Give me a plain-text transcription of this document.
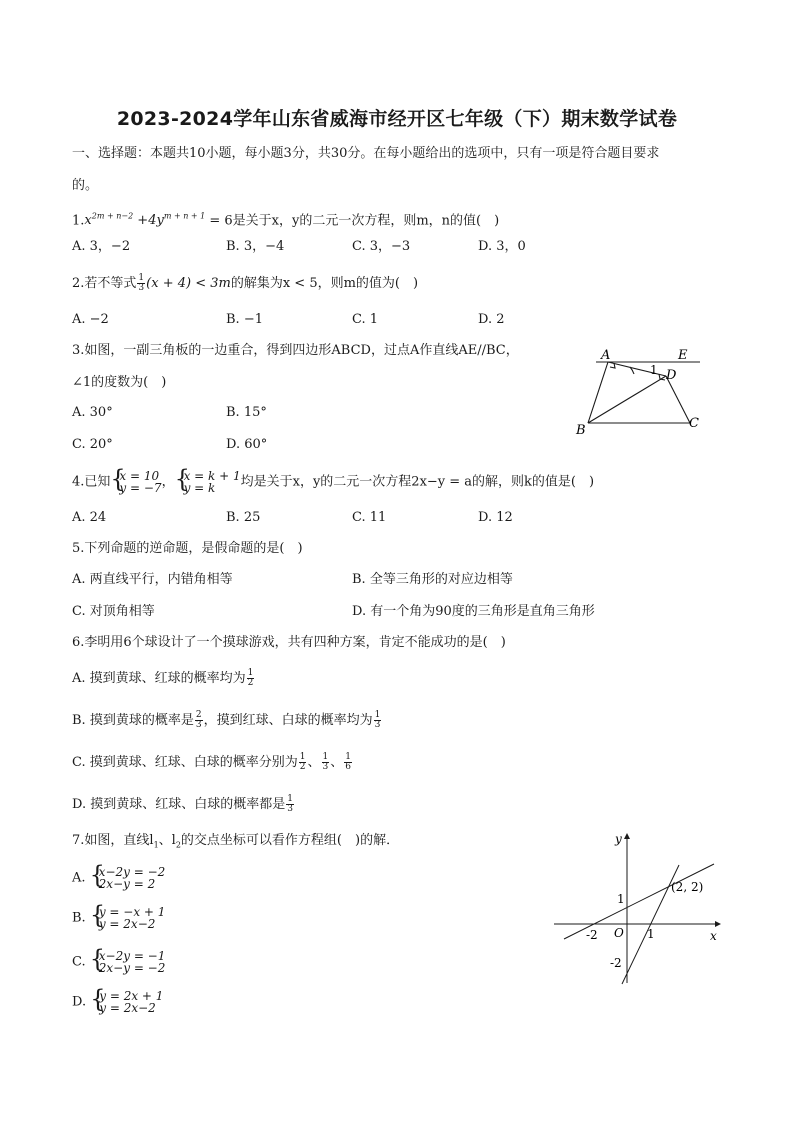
2023-2024学年山东省威海市经开区七年级（下）期末数学试卷
一、选择题：本题共10小题，每小题3分，共30分。在每小题给出的选项中，只有一项是符合题目要求
的。
$1.x^{2m + n-2} +4y^{m + n + 1} = 6$是关于x，y的二元一次方程，则m，n的值(　)
A. 3，−2	B. 3，−4	C. 3，−3	D. 3，0
2.若不等式 $\frac{1}{3} (x + 4) < 3m$的解集为x < 5，则m的值为(　)
A. −2	B. −1	C. 1	D. 2
3.如图，一副三角板的一边重合，得到四边形ABCD，过点A作直线AE//BC，
∠1的度数为(　)
A. 30°	B. 15°
C. 20°	D. 60°
A	E
D
1
B	C
4.已知 { x = 10
y = −7 ， { x = k + 1
y = k	均是关于x，y的二元一次方程2x−y = a的解，则k的值是(　)
A. 24	B. 25	C. 11	D. 12
5.下列命题的逆命题，是假命题的是(　)
A. 两直线平行，内错角相等	B. 全等三角形的对应边相等
C. 对顶角相等	D. 有一个角为90度的三角形是直角三角形
6.李明用6个球设计了一个摸球游戏，共有四种方案，肯定不能成功的是(　)
A. 摸到黄球、红球的概率均为 $\frac{1}{2}$
B. 摸到黄球的概率是 $\frac{2}{3}$ ，摸到红球、白球的概率均为 $\frac{1}{3}$
C. 摸到黄球、红球、白球的概率分别为 $\frac{1}{2}$ 、 $\frac{1}{3}$ 、 $\frac{1}{6}$
D. 摸到黄球、红球、白球的概率都是 $\frac{1}{3}$
7.如图，直线$l_1$、$l_2$的交点坐标可以看作方程组(　)的解．
A. { x−2y = −2
2x−y = 2
B. { y = −x + 1
y = 2x−2
C. { x−2y = −1
2x−y = −2
D. { y = 2x + 1
y = 2x−2
y
x
O
1
-2	1
-2
(2, 2)
